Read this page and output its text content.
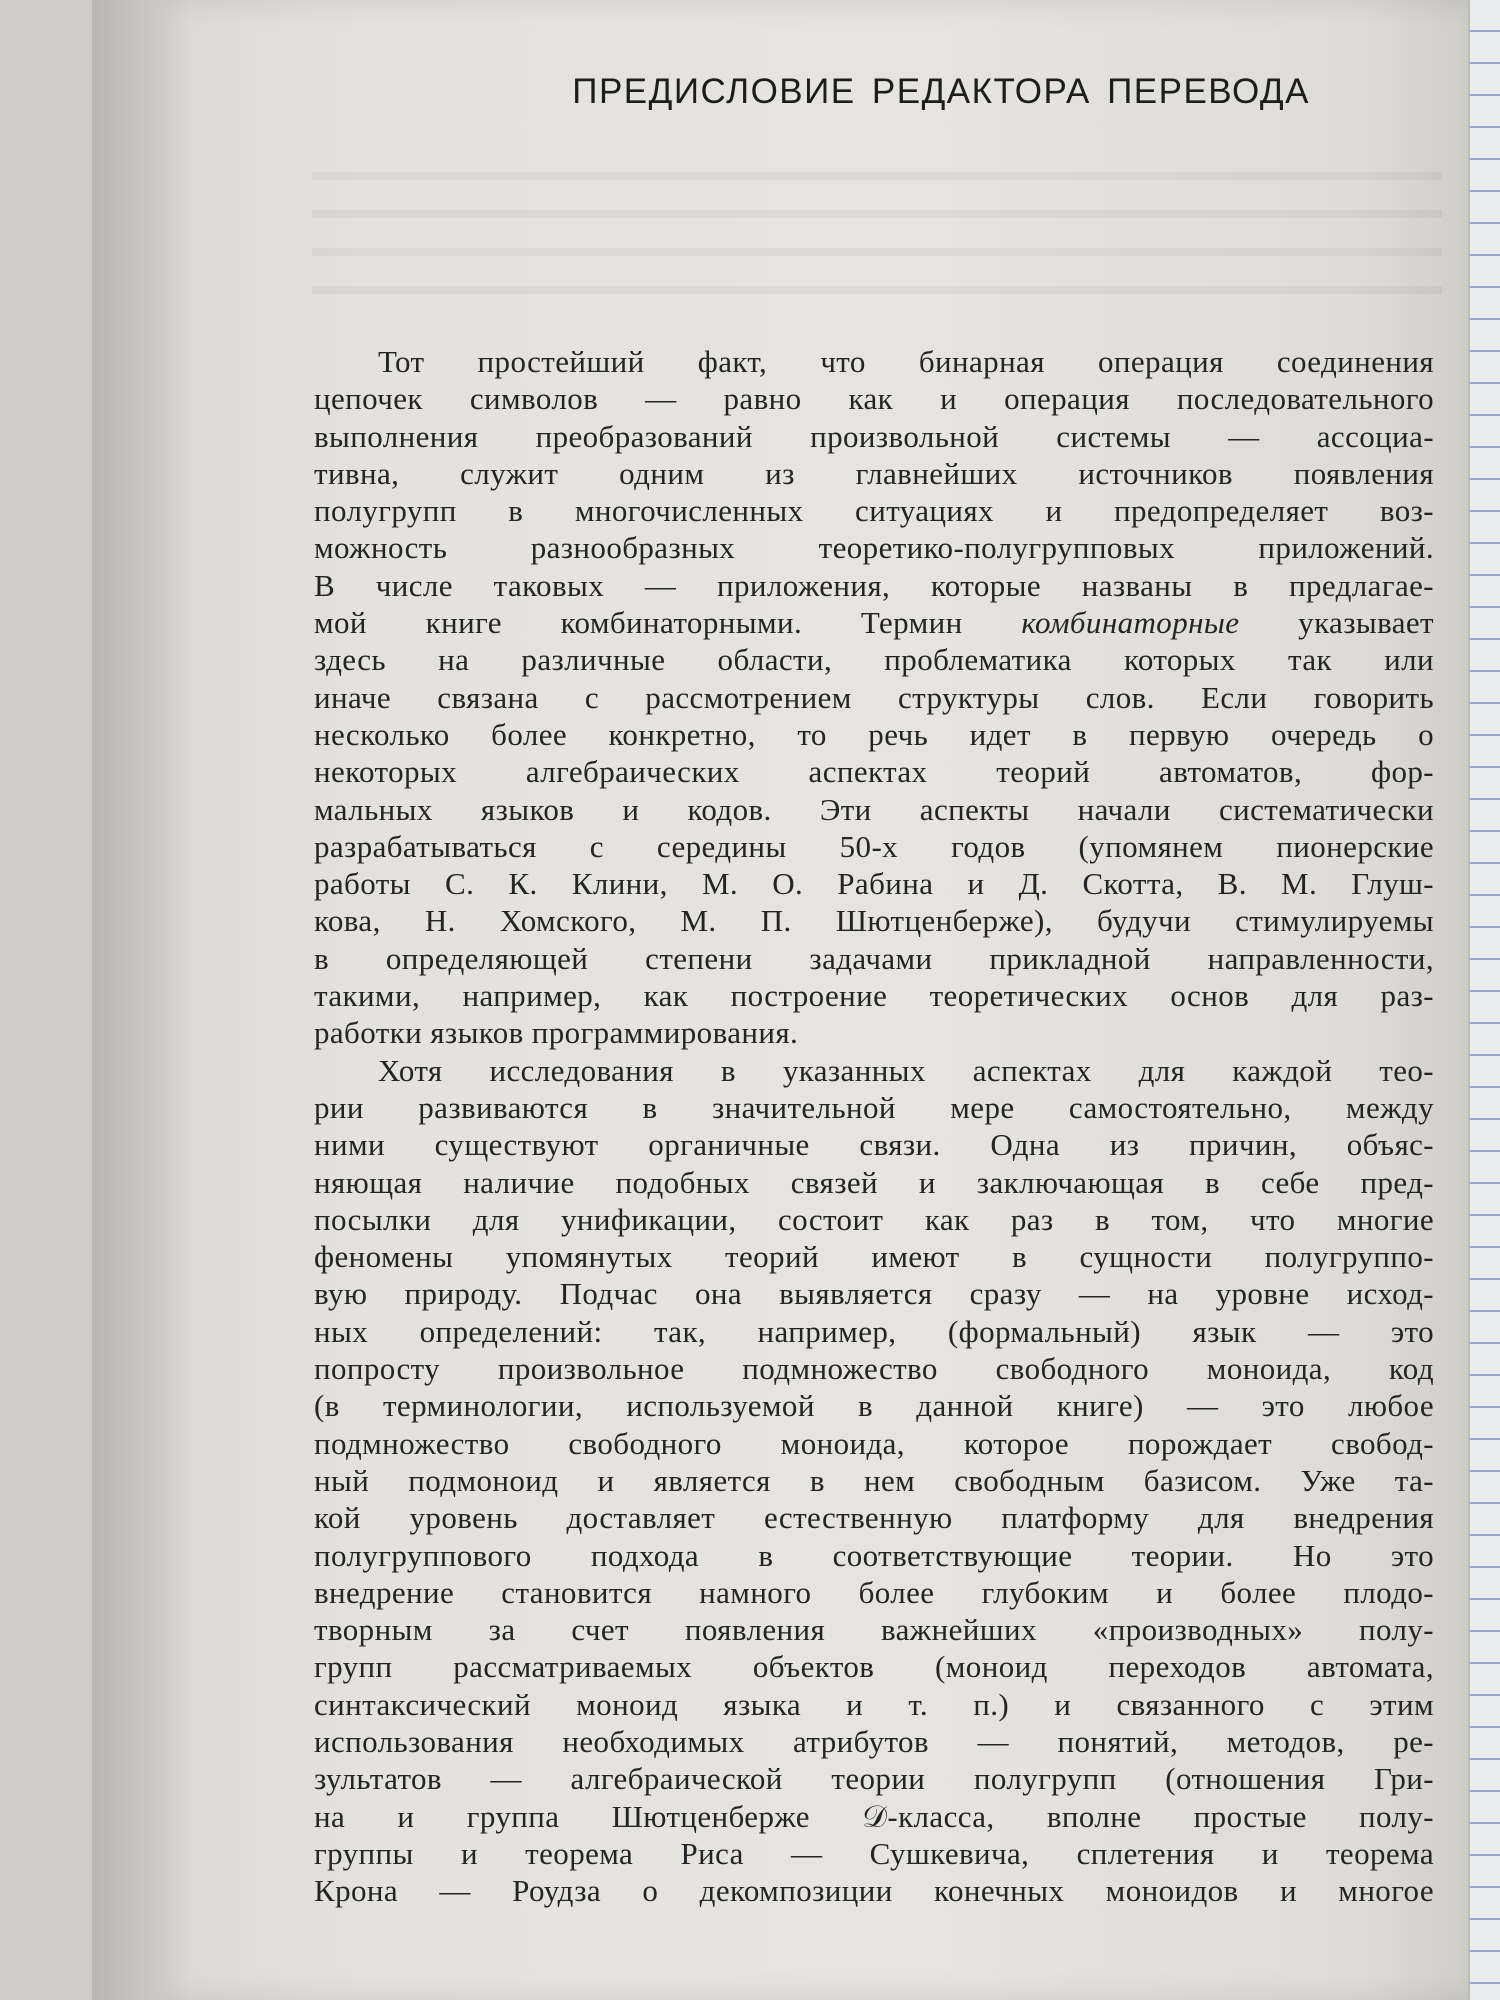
ПРЕДИСЛОВИЕ РЕДАКТОРА ПЕРЕВОДА
Тот простейший факт, что бинарная операция соединения
цепочек символов — равно как и операция последовательного
выполнения преобразований произвольной системы — ассоциа-
тивна, служит одним из главнейших источников появления
полугрупп в многочисленных ситуациях и предопределяет воз-
можность разнообразных теоретико-полугрупповых приложений.
В числе таковых — приложения, которые названы в предлагае-
мой книге комбинаторными. Термин комбинаторные указывает
здесь на различные области, проблематика которых так или
иначе связана с рассмотрением структуры слов. Если говорить
несколько более конкретно, то речь идет в первую очередь о
некоторых алгебраических аспектах теорий автоматов, фор-
мальных языков и кодов. Эти аспекты начали систематически
разрабатываться с середины 50-х годов (упомянем пионерские
работы С. К. Клини, М. О. Рабина и Д. Скотта, В. М. Глуш-
кова, Н. Хомского, М. П. Шютценберже), будучи стимулируемы
в определяющей степени задачами прикладной направленности,
такими, например, как построение теоретических основ для раз-
работки языков программирования.
Хотя исследования в указанных аспектах для каждой тео-
рии развиваются в значительной мере самостоятельно, между
ними существуют органичные связи. Одна из причин, объяс-
няющая наличие подобных связей и заключающая в себе пред-
посылки для унификации, состоит как раз в том, что многие
феномены упомянутых теорий имеют в сущности полугруппо-
вую природу. Подчас она выявляется сразу — на уровне исход-
ных определений: так, например, (формальный) язык — это
попросту произвольное подмножество свободного моноида, код
(в терминологии, используемой в данной книге) — это любое
подмножество свободного моноида, которое порождает свобод-
ный подмоноид и является в нем свободным базисом. Уже та-
кой уровень доставляет естественную платформу для внедрения
полугруппового подхода в соответствующие теории. Но это
внедрение становится намного более глубоким и более плодо-
творным за счет появления важнейших «производных» полу-
групп рассматриваемых объектов (моноид переходов автомата,
синтаксический моноид языка и т. п.) и связанного с этим
использования необходимых атрибутов — понятий, методов, ре-
зультатов — алгебраической теории полугрупп (отношения Гри-
на и группа Шютценберже 𝒟-класса, вполне простые полу-
группы и теорема Риса — Сушкевича, сплетения и теорема
Крона — Роудза о декомпозиции конечных моноидов и многое
